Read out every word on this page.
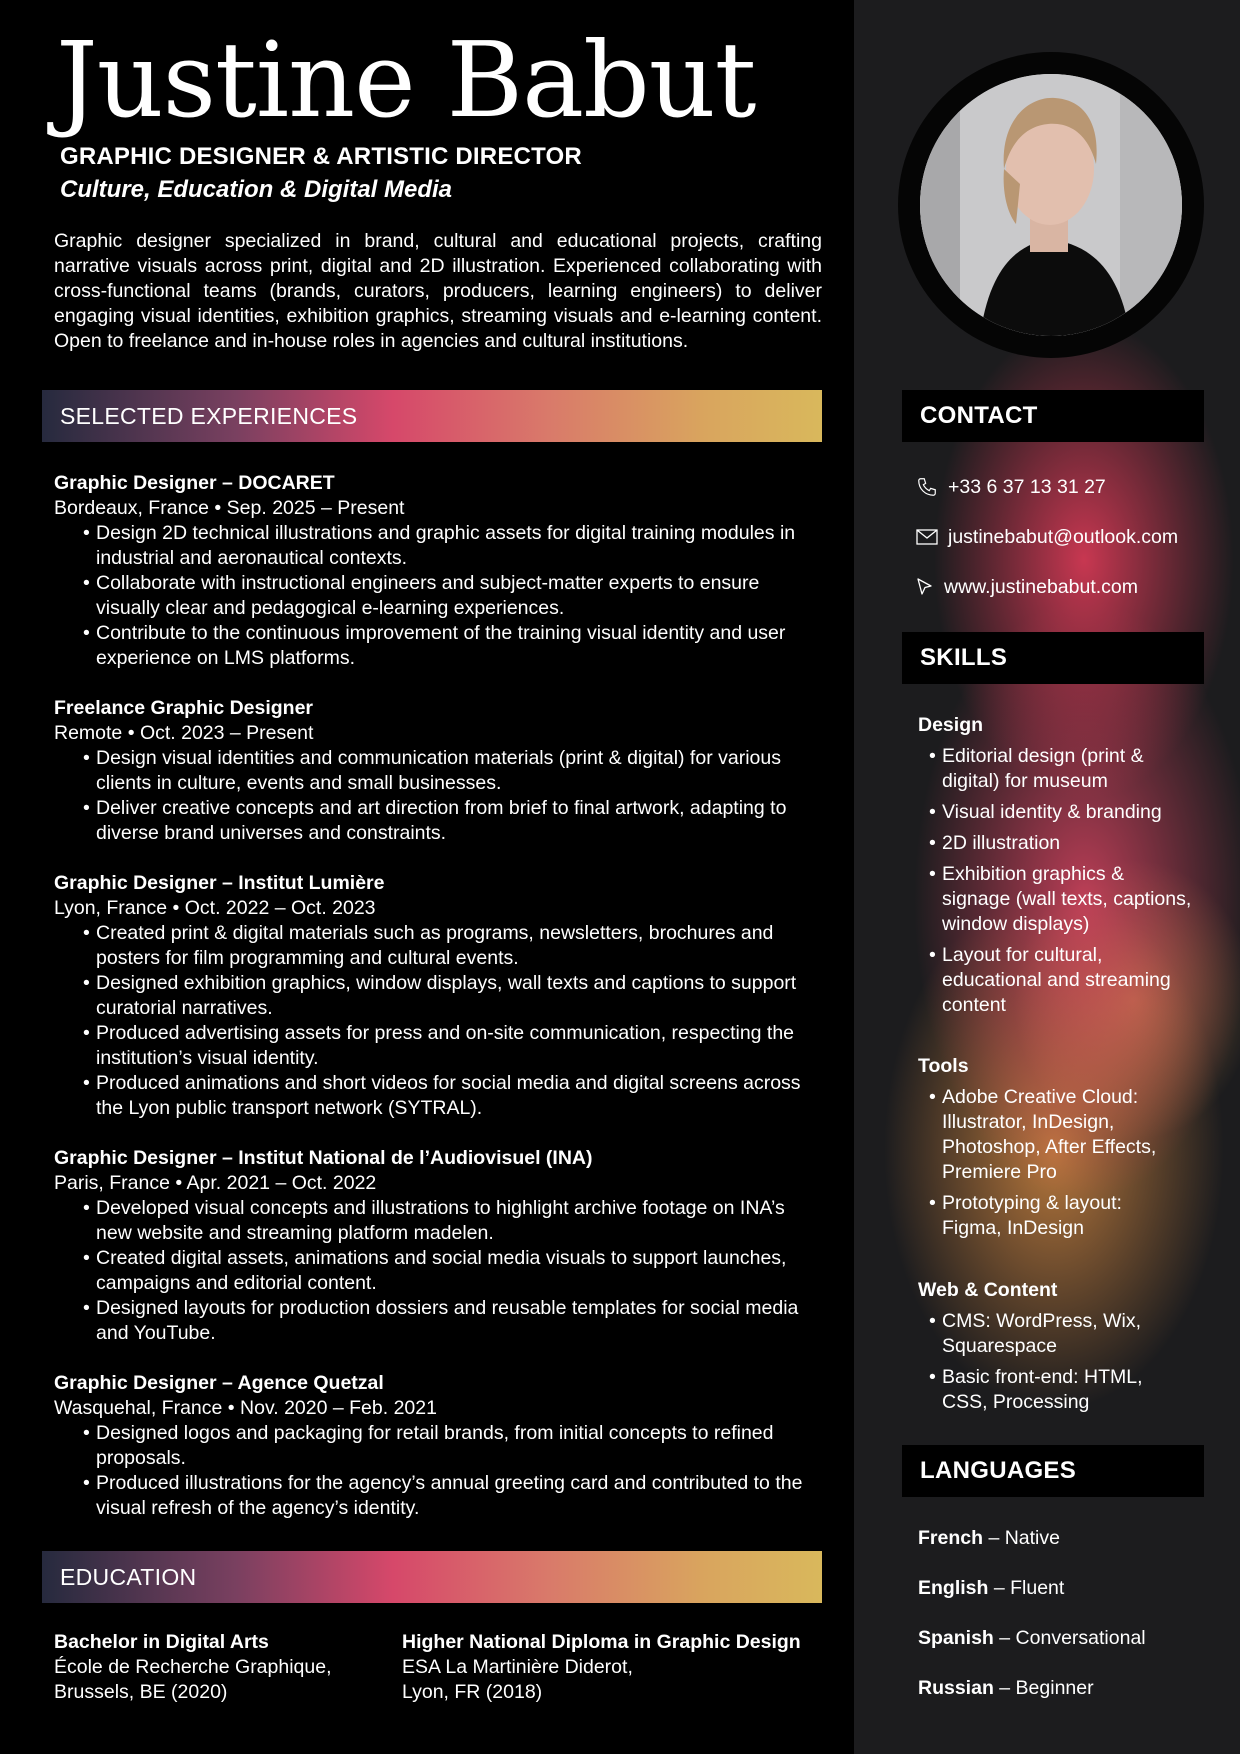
Justine Babut
GRAPHIC DESIGNER & ARTISTIC DIRECTOR
Culture, Education & Digital Media
Graphic designer specialized in brand, cultural and educational projects, crafting narrative visuals across print, digital and 2D illustration. Experienced collaborating with cross-functional teams (brands, curators, producers, learning engineers) to deliver engaging visual identities, exhibition graphics, streaming visuals and e-learning content. Open to freelance and in-house roles in agencies and cultural institutions.
SELECTED EXPERIENCES
Graphic Designer – DOCARET
Bordeaux, France • Sep. 2025 – Present
• Design 2D technical illustrations and graphic assets for digital training modules in industrial and aeronautical contexts.
• Collaborate with instructional engineers and subject-matter experts to ensure visually clear and pedagogical e-learning experiences.
• Contribute to the continuous improvement of the training visual identity and user experience on LMS platforms.
Freelance Graphic Designer
Remote • Oct. 2023 – Present
• Design visual identities and communication materials (print & digital) for various clients in culture, events and small businesses.
• Deliver creative concepts and art direction from brief to final artwork, adapting to diverse brand universes and constraints.
Graphic Designer – Institut Lumière
Lyon, France • Oct. 2022 – Oct. 2023
• Created print & digital materials such as programs, newsletters, brochures and posters for film programming and cultural events.
• Designed exhibition graphics, window displays, wall texts and captions to support curatorial narratives.
• Produced advertising assets for press and on-site communication, respecting the institution’s visual identity.
• Produced animations and short videos for social media and digital screens across the Lyon public transport network (SYTRAL).
Graphic Designer – Institut National de l’Audiovisuel (INA)
Paris, France • Apr. 2021 – Oct. 2022
• Developed visual concepts and illustrations to highlight archive footage on INA’s new website and streaming platform madelen.
• Created digital assets, animations and social media visuals to support launches, campaigns and editorial content.
• Designed layouts for production dossiers and reusable templates for social media and YouTube.
Graphic Designer – Agence Quetzal
Wasquehal, France • Nov. 2020 – Feb. 2021
• Designed logos and packaging for retail brands, from initial concepts to refined proposals.
• Produced illustrations for the agency’s annual greeting card and contributed to the visual refresh of the agency’s identity.
EDUCATION
Bachelor in Digital Arts
École de Recherche Graphique,
Brussels, BE (2020)
Higher National Diploma in Graphic Design
ESA La Martinière Diderot,
Lyon, FR (2018)
CONTACT
+33 6 37 13 31 27
justinebabut@outlook.com
www.justinebabut.com
SKILLS
Design
• Editorial design (print & digital) for museum
• Visual identity & branding
• 2D illustration
• Exhibition graphics & signage (wall texts, captions, window displays)
• Layout for cultural, educational and streaming content
Tools
• Adobe Creative Cloud: Illustrator, InDesign, Photoshop, After Effects, Premiere Pro
• Prototyping & layout: Figma, InDesign
Web & Content
• CMS: WordPress, Wix, Squarespace
• Basic front-end: HTML, CSS, Processing
LANGUAGES
French – Native
English – Fluent
Spanish – Conversational
Russian – Beginner
